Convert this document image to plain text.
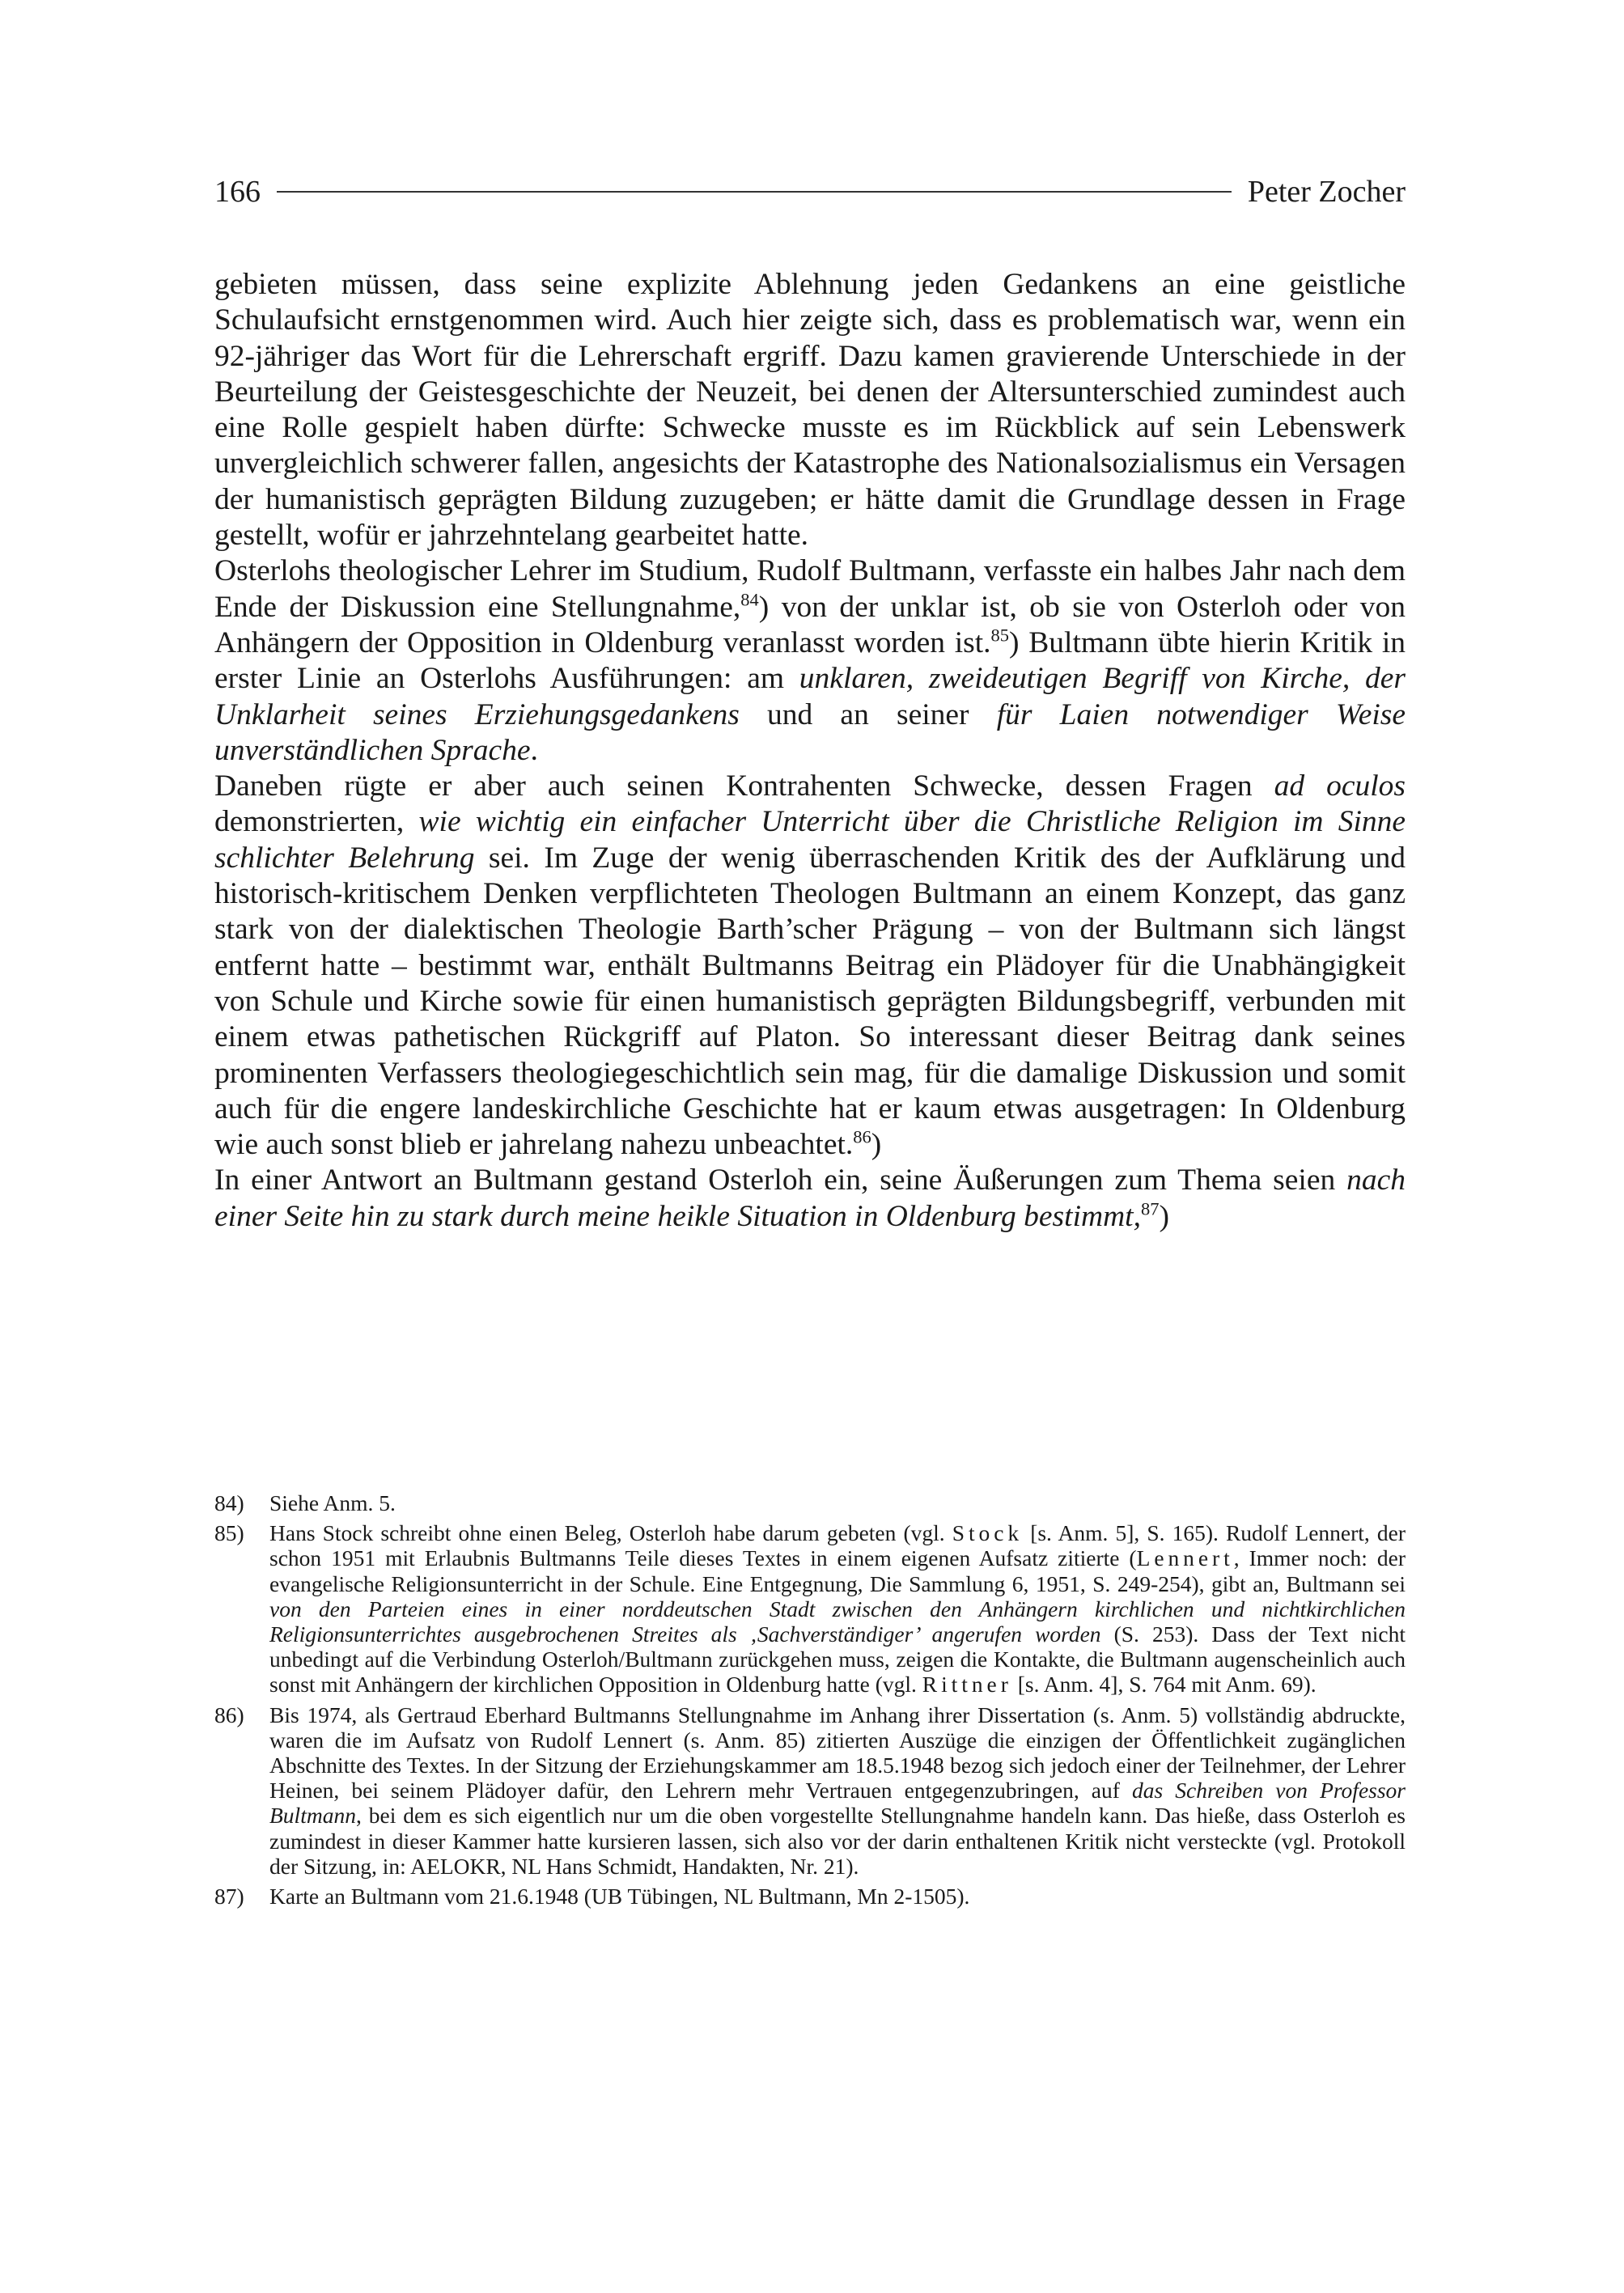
166	Peter Zocher

gebieten müssen, dass seine explizite Ablehnung jeden Gedankens an eine geistliche Schulaufsicht ernstgenommen wird. Auch hier zeigte sich, dass es problematisch war, wenn ein 92-jähriger das Wort für die Lehrerschaft ergriff. Dazu kamen gravierende Unterschiede in der Beurteilung der Geistesgeschichte der Neuzeit, bei denen der Altersunterschied zumindest auch eine Rolle gespielt haben dürfte: Schwecke musste es im Rückblick auf sein Lebenswerk unvergleichlich schwerer fallen, angesichts der Katastrophe des Nationalsozialismus ein Versagen der humanistisch geprägten Bildung zuzugeben; er hätte damit die Grundlage dessen in Frage gestellt, wofür er jahrzehntelang gearbeitet hatte.

Osterlohs theologischer Lehrer im Studium, Rudolf Bultmann, verfasste ein halbes Jahr nach dem Ende der Diskussion eine Stellungnahme,$^{84}$) von der unklar ist, ob sie von Osterloh oder von Anhängern der Opposition in Oldenburg veranlasst worden ist.$^{85}$) Bultmann übte hierin Kritik in erster Linie an Osterlohs Ausführungen: am unklaren, zweideutigen Begriff von Kirche, der Unklarheit seines Erziehungsgedankens und an seiner für Laien notwendiger Weise unverständlichen Sprache.

Daneben rügte er aber auch seinen Kontrahenten Schwecke, dessen Fragen ad oculos demonstrierten, wie wichtig ein einfacher Unterricht über die Christliche Religion im Sinne schlichter Belehrung sei. Im Zuge der wenig überraschenden Kritik des der Aufklärung und historisch-kritischem Denken verpflichteten Theologen Bultmann an einem Konzept, das ganz stark von der dialektischen Theologie Barth’scher Prägung – von der Bultmann sich längst entfernt hatte – bestimmt war, enthält Bultmanns Beitrag ein Plädoyer für die Unabhängigkeit von Schule und Kirche sowie für einen humanistisch geprägten Bildungsbegriff, verbunden mit einem etwas pathetischen Rückgriff auf Platon. So interessant dieser Beitrag dank seines prominenten Verfassers theologiegeschichtlich sein mag, für die damalige Diskussion und somit auch für die engere landeskirchliche Geschichte hat er kaum etwas ausgetragen: In Oldenburg wie auch sonst blieb er jahrelang nahezu unbeachtet.$^{86}$)

In einer Antwort an Bultmann gestand Osterloh ein, seine Äußerungen zum Thema seien nach einer Seite hin zu stark durch meine heikle Situation in Oldenburg bestimmt,$^{87}$)

84)	Siehe Anm. 5.
85)	Hans Stock schreibt ohne einen Beleg, Osterloh habe darum gebeten (vgl. Stock [s. Anm. 5], S. 165). Rudolf Lennert, der schon 1951 mit Erlaubnis Bultmanns Teile dieses Textes in einem eigenen Aufsatz zitierte (Lennert, Immer noch: der evangelische Religionsunterricht in der Schule. Eine Entgegnung, Die Sammlung 6, 1951, S. 249-254), gibt an, Bultmann sei von den Parteien eines in einer norddeutschen Stadt zwischen den Anhängern kirchlichen und nichtkirchlichen Religionsunterrichtes ausgebrochenen Streites als ‚Sachverständiger’ angerufen worden (S. 253). Dass der Text nicht unbedingt auf die Verbindung Osterloh/Bultmann zurückgehen muss, zeigen die Kontakte, die Bultmann augenscheinlich auch sonst mit Anhängern der kirchlichen Opposition in Oldenburg hatte (vgl. Rittner [s. Anm. 4], S. 764 mit Anm. 69).
86)	Bis 1974, als Gertraud Eberhard Bultmanns Stellungnahme im Anhang ihrer Dissertation (s. Anm. 5) vollständig abdruckte, waren die im Aufsatz von Rudolf Lennert (s. Anm. 85) zitierten Auszüge die einzigen der Öffentlichkeit zugänglichen Abschnitte des Textes. In der Sitzung der Erziehungskammer am 18.5.1948 bezog sich jedoch einer der Teilnehmer, der Lehrer Heinen, bei seinem Plädoyer dafür, den Lehrern mehr Vertrauen entgegenzubringen, auf das Schreiben von Professor Bultmann, bei dem es sich eigentlich nur um die oben vorgestellte Stellungnahme handeln kann. Das hieße, dass Osterloh es zumindest in dieser Kammer hatte kursieren lassen, sich also vor der darin enthaltenen Kritik nicht versteckte (vgl. Protokoll der Sitzung, in: AELOKR, NL Hans Schmidt, Handakten, Nr. 21).
87)	Karte an Bultmann vom 21.6.1948 (UB Tübingen, NL Bultmann, Mn 2-1505).
